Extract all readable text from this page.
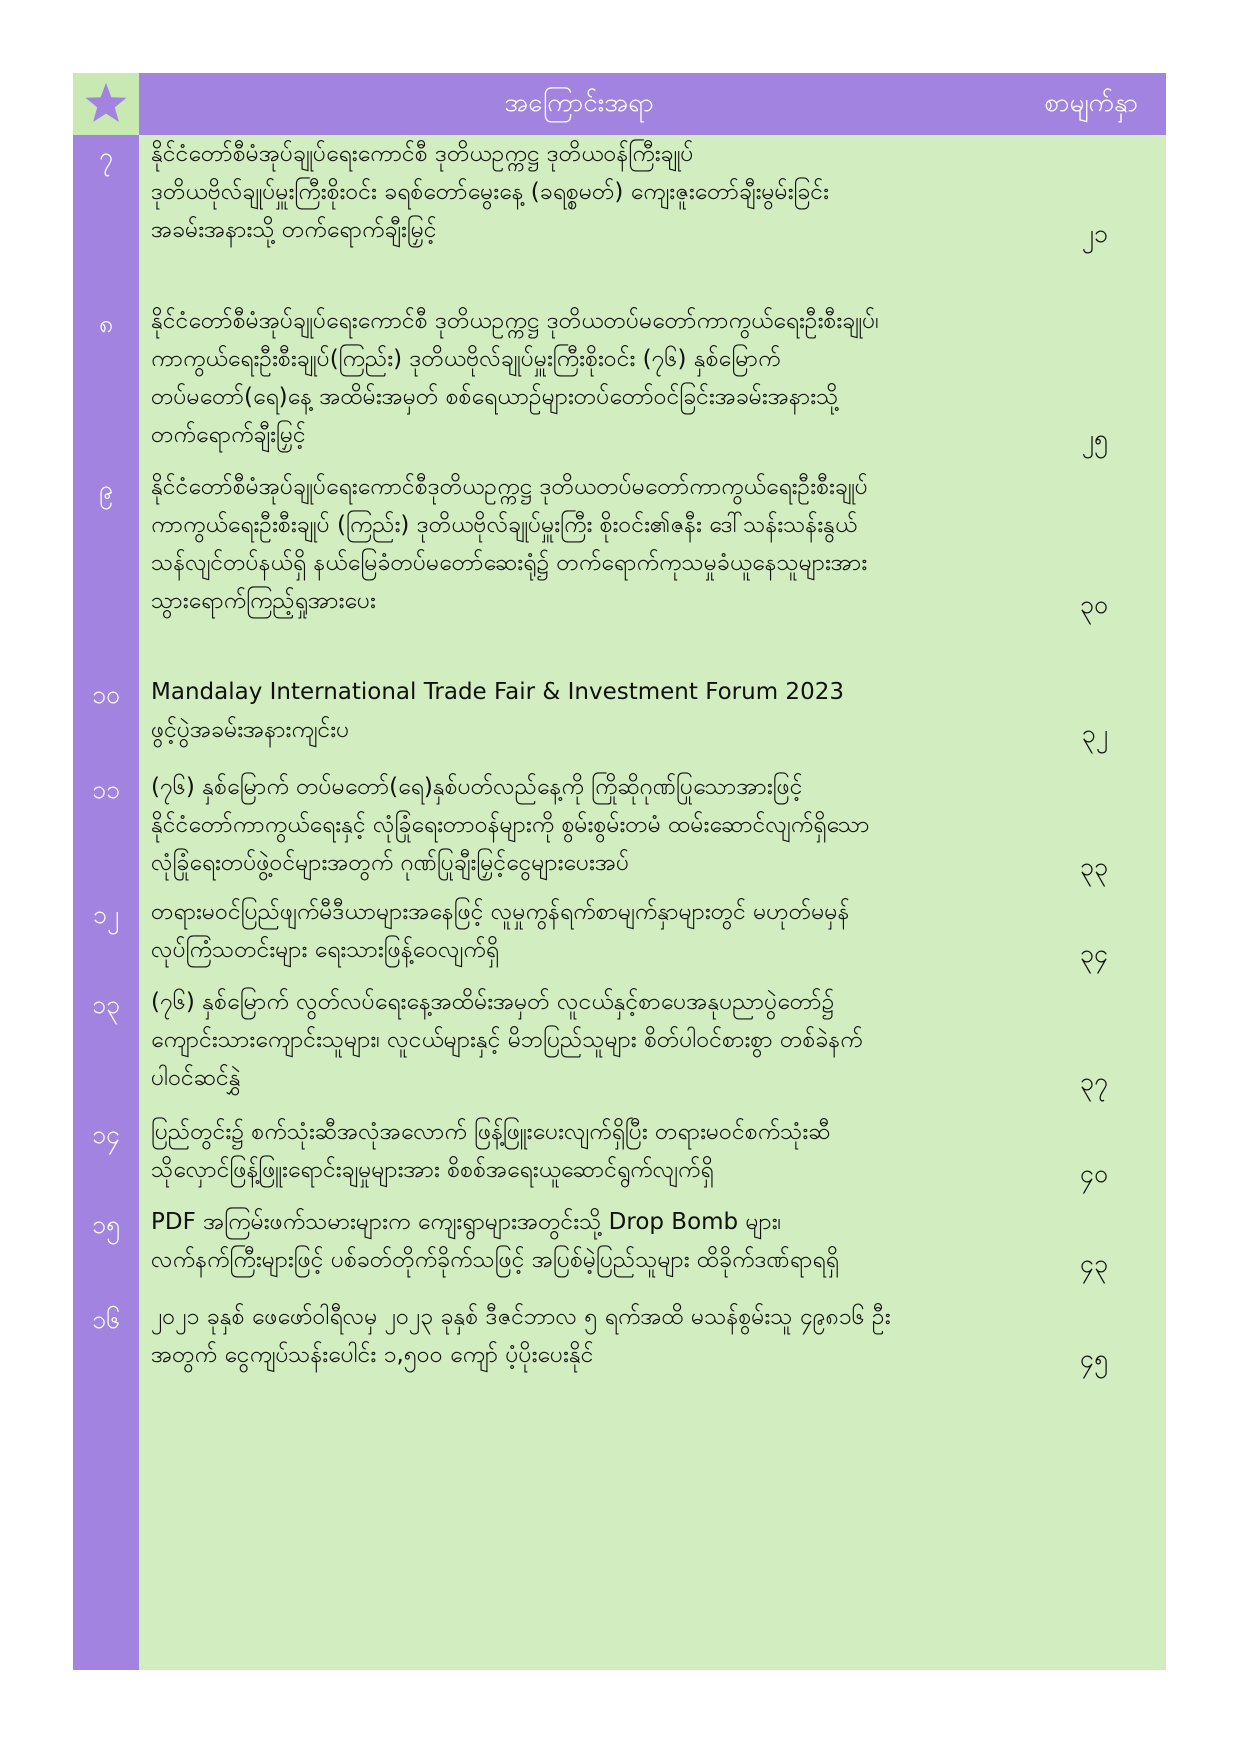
အကြောင်းအရာ	စာမျက်နှာ
၇	နိုင်ငံတော်စီမံအုပ်ချုပ်ရေးကောင်စီ ဒုတိယဥက္ကဋ္ဌ ဒုတိယဝန်ကြီးချုပ်
ဒုတိယဗိုလ်ချုပ်မှူးကြီးစိုးဝင်း ခရစ်တော်မွေးနေ့ (ခရစ္စမတ်) ကျေးဇူးတော်ချီးမွမ်းခြင်း
အခမ်းအနားသို့ တက်ရောက်ချီးမြှင့်	၂၁
၈	နိုင်ငံတော်စီမံအုပ်ချုပ်ရေးကောင်စီ ဒုတိယဥက္ကဋ္ဌ ဒုတိယတပ်မတော်ကာကွယ်ရေးဦးစီးချုပ်၊
ကာကွယ်ရေးဦးစီးချုပ်(ကြည်း) ဒုတိယဗိုလ်ချုပ်မှူးကြီးစိုးဝင်း (၇၆) နှစ်မြောက်
တပ်မတော်(ရေ)နေ့ အထိမ်းအမှတ် စစ်ရေယာဉ်များတပ်တော်ဝင်ခြင်းအခမ်းအနားသို့
တက်ရောက်ချီးမြှင့်	၂၅
၉	နိုင်ငံတော်စီမံအုပ်ချုပ်ရေးကောင်စီဒုတိယဥက္ကဋ္ဌ ဒုတိယတပ်မတော်ကာကွယ်ရေးဦးစီးချုပ်
ကာကွယ်ရေးဦးစီးချုပ် (ကြည်း) ဒုတိယဗိုလ်ချုပ်မှူးကြီး စိုးဝင်း၏ဇနီး ဒေါ်သန်းသန်းနွယ်
သန်လျင်တပ်နယ်ရှိ နယ်မြေခံတပ်မတော်ဆေးရုံ၌ တက်ရောက်ကုသမှုခံယူနေသူများအား
သွားရောက်ကြည့်ရှုအားပေး	၃၀
၁၀	Mandalay International Trade Fair & Investment Forum 2023
ဖွင့်ပွဲအခမ်းအနားကျင်းပ	၃၂
၁၁	(၇၆) နှစ်မြောက် တပ်မတော်(ရေ)နှစ်ပတ်လည်နေ့ကို ကြိုဆိုဂုဏ်ပြုသောအားဖြင့်
နိုင်ငံတော်ကာကွယ်ရေးနှင့် လုံခြုံရေးတာဝန်များကို စွမ်းစွမ်းတမံ ထမ်းဆောင်လျက်ရှိသော
လုံခြုံရေးတပ်ဖွဲ့ဝင်များအတွက် ဂုဏ်ပြုချီးမြှင့်ငွေများပေးအပ်	၃၃
၁၂	တရားမဝင်ပြည်ဖျက်မီဒီယာများအနေဖြင့် လူမှုကွန်ရက်စာမျက်နှာများတွင် မဟုတ်မမှန်
လုပ်ကြံသတင်းများ ရေးသားဖြန့်ဝေလျက်ရှိ	၃၄
၁၃	(၇၆) နှစ်မြောက် လွတ်လပ်ရေးနေ့အထိမ်းအမှတ် လူငယ်နှင့်စာပေအနုပညာပွဲတော်၌
ကျောင်းသားကျောင်းသူများ၊ လူငယ်များနှင့် မိဘပြည်သူများ စိတ်ပါဝင်စားစွာ တစ်ခဲနက်
ပါဝင်ဆင်နွှဲ	၃၇
၁၄	ပြည်တွင်း၌ စက်သုံးဆီအလုံအလောက် ဖြန့်ဖြူးပေးလျက်ရှိပြီး တရားမဝင်စက်သုံးဆီ
သိုလှောင်ဖြန့်ဖြူးရောင်းချမှုများအား စိစစ်အရေးယူဆောင်ရွက်လျက်ရှိ	၄၀
၁၅	PDF အကြမ်းဖက်သမားများက ကျေးရွာများအတွင်းသို့ Drop Bomb များ၊
လက်နက်ကြီးများဖြင့် ပစ်ခတ်တိုက်ခိုက်သဖြင့် အပြစ်မဲ့ပြည်သူများ ထိခိုက်ဒဏ်ရာရရှိ	၄၃
၁၆	၂၀၂၁ ခုနှစ် ဖေဖော်ဝါရီလမှ ၂၀၂၃ ခုနှစ် ဒီဇင်ဘာလ ၅ ရက်အထိ မသန်စွမ်းသူ ၄၉၈၁၆ ဦး
အတွက် ငွေကျပ်သန်းပေါင်း ၁,၅၀၀ ကျော် ပံ့ပိုးပေးနိုင်	၄၅
